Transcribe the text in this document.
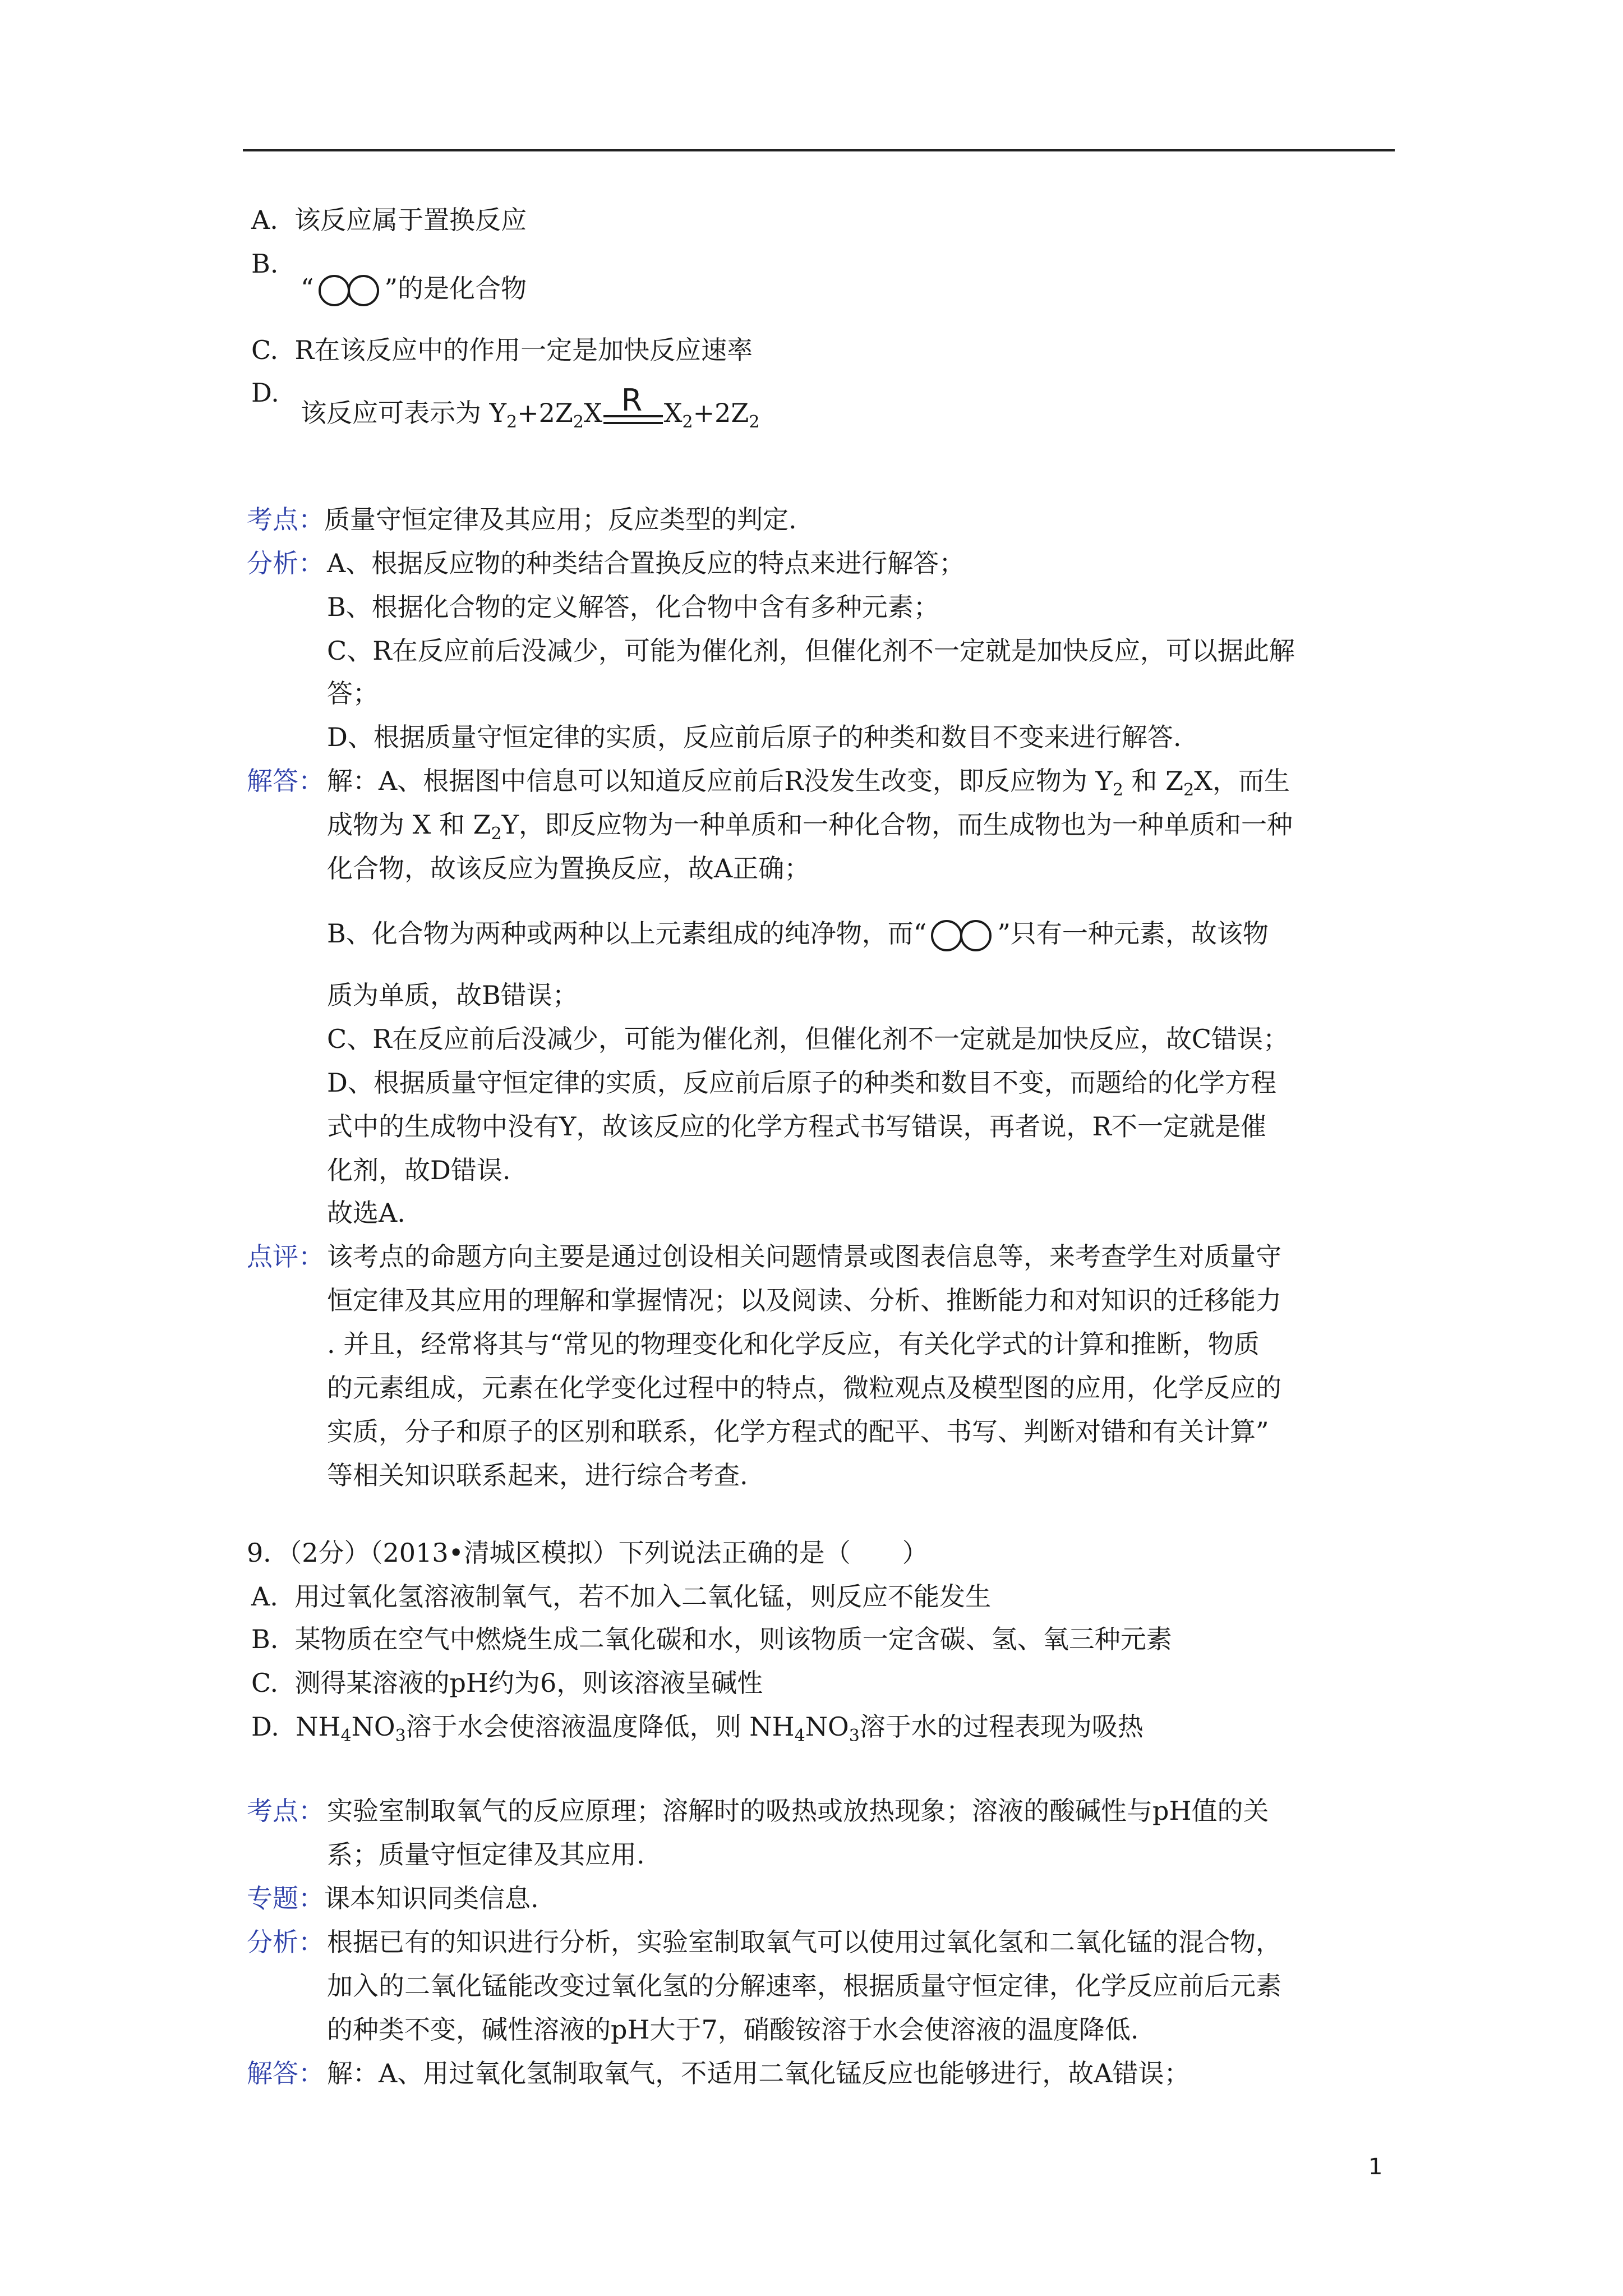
A. 该反应属于置换反应
B.
“	”的是化合物
C. R在该反应中的作用一定是加快反应速率
D.
该反应可表示为 $Y_2+2Z_2X$ R $X_2+2Z_2$
考点：质量守恒定律及其应用；反应类型的判定.
分析： A、根据反应物的种类结合置换反应的特点来进行解答；
B、根据化合物的定义解答，化合物中含有多种元素；
C、R在反应前后没减少，可能为催化剂，但催化剂不一定就是加快反应，可以据此解
答；
D、根据质量守恒定律的实质，反应前后原子的种类和数目不变来进行解答.
解答： 解：A、根据图中信息可以知道反应前后R没发生改变，即反应物为 $Y_2$ 和 $Z_2X$，而生
成物为 X 和 $Z_2Y$，即反应物为一种单质和一种化合物，而生成物也为一种单质和一种
化合物，故该反应为置换反应，故A正确；
B、化合物为两种或两种以上元素组成的纯净物，而“	”只有一种元素，故该物
质为单质，故B错误；
C、R在反应前后没减少，可能为催化剂，但催化剂不一定就是加快反应，故C错误；
D、根据质量守恒定律的实质，反应前后原子的种类和数目不变，而题给的化学方程
式中的生成物中没有Y，故该反应的化学方程式书写错误，再者说，R不一定就是催
化剂，故D错误.
故选A.
点评： 该考点的命题方向主要是通过创设相关问题情景或图表信息等，来考查学生对质量守
恒定律及其应用的理解和掌握情况；以及阅读、分析、推断能力和对知识的迁移能力
. 并且，经常将其与“常见的物理变化和化学反应，有关化学式的计算和推断，物质
的元素组成，元素在化学变化过程中的特点，微粒观点及模型图的应用，化学反应的
实质，分子和原子的区别和联系，化学方程式的配平、书写、判断对错和有关计算”
等相关知识联系起来，进行综合考查.
9．（2分）（2013•清城区模拟）下列说法正确的是（　　）
A. 用过氧化氢溶液制氧气，若不加入二氧化锰，则反应不能发生
B. 某物质在空气中燃烧生成二氧化碳和水，则该物质一定含碳、氢、氧三种元素
C. 测得某溶液的pH约为6，则该溶液呈碱性
D. $NH_4NO_3$溶于水会使溶液温度降低，则 $NH_4NO_3$溶于水的过程表现为吸热
考点： 实验室制取氧气的反应原理；溶解时的吸热或放热现象；溶液的酸碱性与pH值的关
系；质量守恒定律及其应用.
专题：课本知识同类信息.
分析： 根据已有的知识进行分析，实验室制取氧气可以使用过氧化氢和二氧化锰的混合物，
加入的二氧化锰能改变过氧化氢的分解速率，根据质量守恒定律，化学反应前后元素
的种类不变，碱性溶液的pH大于7，硝酸铵溶于水会使溶液的温度降低.
解答： 解：A、用过氧化氢制取氧气，不适用二氧化锰反应也能够进行，故A错误；
1
